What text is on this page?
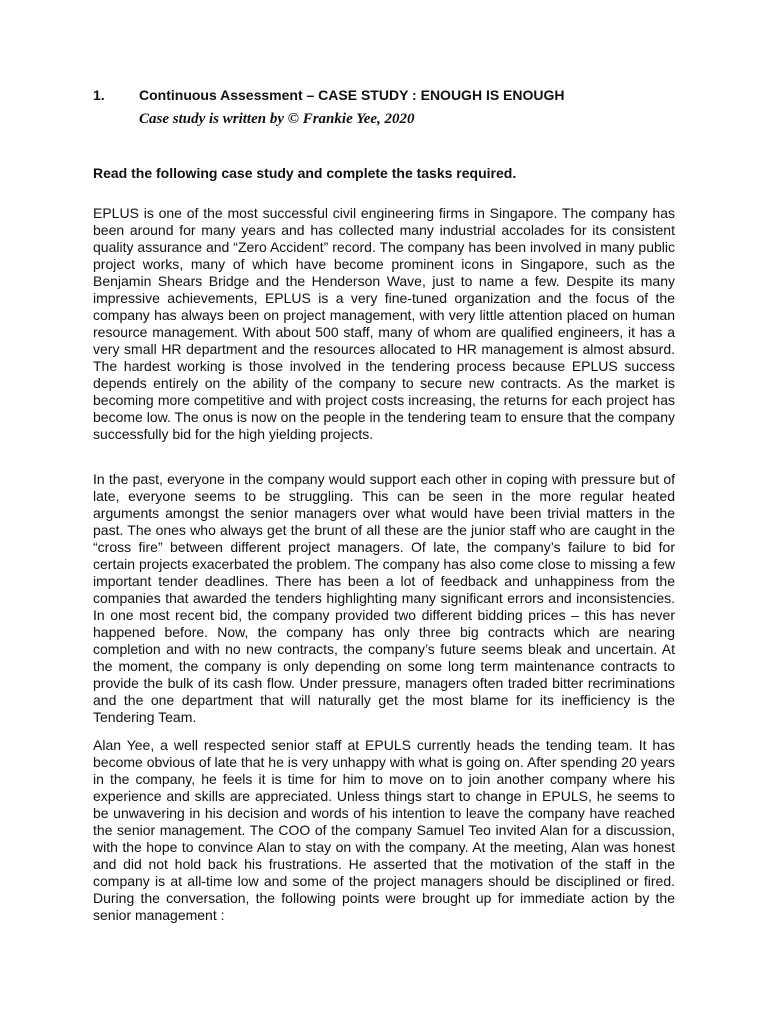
1. Continuous Assessment – CASE STUDY : ENOUGH IS ENOUGH
Case study is written by © Frankie Yee, 2020
Read the following case study and complete the tasks required.

EPLUS is one of the most successful civil engineering firms in Singapore. The company has been around for many years and has collected many industrial accolades for its consistent quality assurance and “Zero Accident” record. The company has been involved in many public project works, many of which have become prominent icons in Singapore, such as the Benjamin Shears Bridge and the Henderson Wave, just to name a few. Despite its many impressive achievements, EPLUS is a very fine-tuned organization and the focus of the company has always been on project management, with very little attention placed on human resource management. With about 500 staff, many of whom are qualified engineers, it has a very small HR department and the resources allocated to HR management is almost absurd. The hardest working is those involved in the tendering process because EPLUS success depends entirely on the ability of the company to secure new contracts. As the market is becoming more competitive and with project costs increasing, the returns for each project has become low. The onus is now on the people in the tendering team to ensure that the company successfully bid for the high yielding projects.

In the past, everyone in the company would support each other in coping with pressure but of late, everyone seems to be struggling. This can be seen in the more regular heated arguments amongst the senior managers over what would have been trivial matters in the past. The ones who always get the brunt of all these are the junior staff who are caught in the “cross fire” between different project managers. Of late, the company’s failure to bid for certain projects exacerbated the problem. The company has also come close to missing a few important tender deadlines. There has been a lot of feedback and unhappiness from the companies that awarded the tenders highlighting many significant errors and inconsistencies. In one most recent bid, the company provided two different bidding prices – this has never happened before. Now, the company has only three big contracts which are nearing completion and with no new contracts, the company’s future seems bleak and uncertain. At the moment, the company is only depending on some long term maintenance contracts to provide the bulk of its cash flow. Under pressure, managers often traded bitter recriminations and the one department that will naturally get the most blame for its inefficiency is the Tendering Team.

Alan Yee, a well respected senior staff at EPULS currently heads the tending team. It has become obvious of late that he is very unhappy with what is going on. After spending 20 years in the company, he feels it is time for him to move on to join another company where his experience and skills are appreciated. Unless things start to change in EPULS, he seems to be unwavering in his decision and words of his intention to leave the company have reached the senior management. The COO of the company Samuel Teo invited Alan for a discussion, with the hope to convince Alan to stay on with the company. At the meeting, Alan was honest and did not hold back his frustrations. He asserted that the motivation of the staff in the company is at all-time low and some of the project managers should be disciplined or fired. During the conversation, the following points were brought up for immediate action by the senior management :
